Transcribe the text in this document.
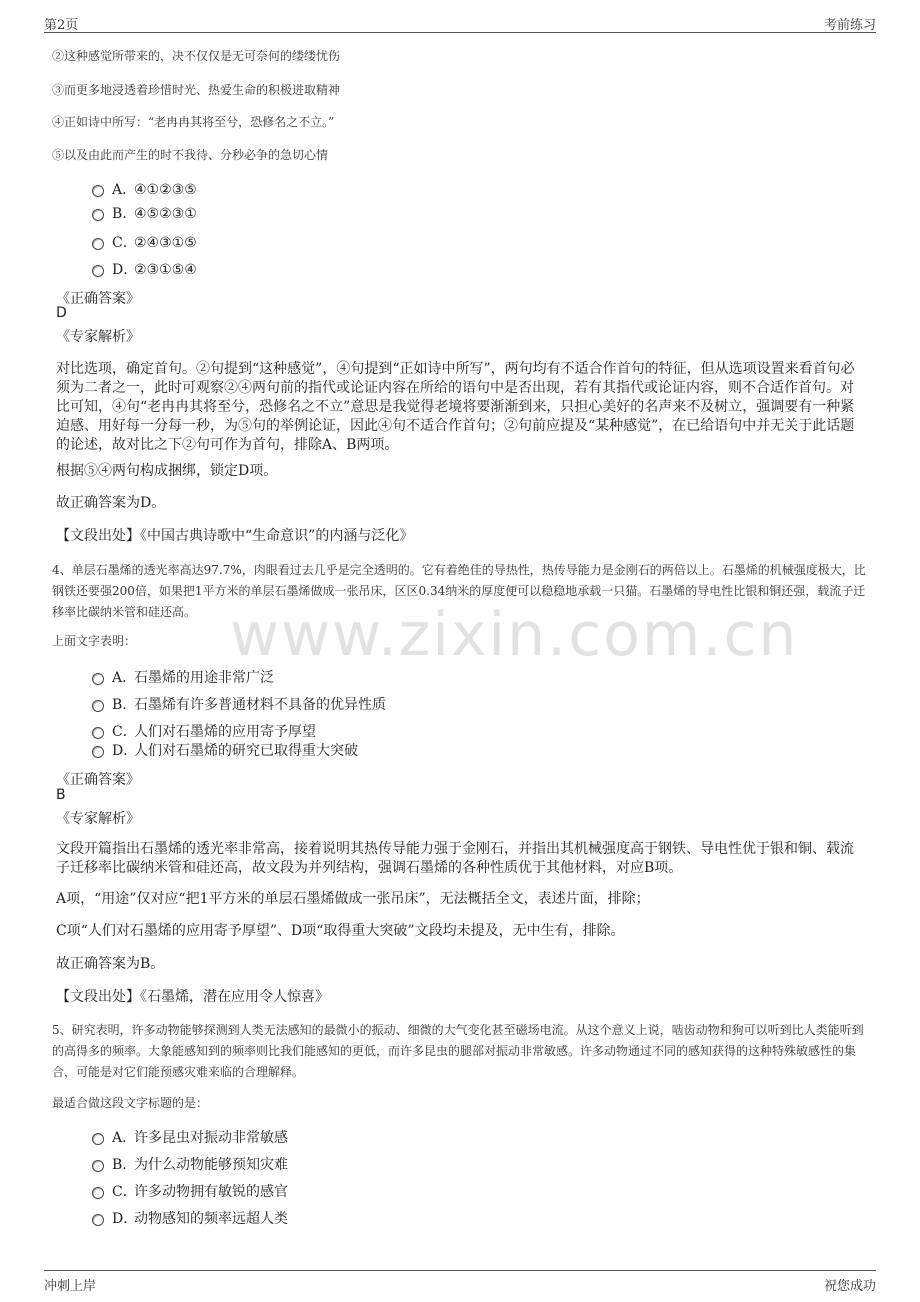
第2页	考前练习
www.zixin.com.cn
②这种感觉所带来的，决不仅仅是无可奈何的缕缕忧伤
③而更多地浸透着珍惜时光、热爱生命的积极进取精神
④正如诗中所写：“老冉冉其将至兮，恐修名之不立。”
⑤以及由此而产生的时不我待、分秒必争的急切心情
A．④①②③⑤
B. ④⑤②③①
C．②④③①⑤
D．②③①⑤④
《正确答案》
D
《专家解析》
对比选项，确定首句。②句提到“这种感觉”，④句提到“正如诗中所写”，两句均有不适合作首句的特征，但从选项设置来看首句必须为二者之一，此时可观察②④两句前的指代或论证内容在所给的语句中是否出现，若有其指代或论证内容，则不合适作首句。对比可知，④句“老冉冉其将至兮，恐修名之不立”意思是我觉得老境将要渐渐到来，只担心美好的名声来不及树立，强调要有一种紧迫感、用好每一分每一秒，为⑤句的举例论证，因此④句不适合作首句；②句前应提及“某种感觉”，在已给语句中并无关于此话题的论述，故对比之下②句可作为首句，排除A、B两项。
根据⑤④两句构成捆绑，锁定D项。
故正确答案为D。
【文段出处】《中国古典诗歌中“生命意识”的内涵与泛化》
4、单层石墨烯的透光率高达97.7%，肉眼看过去几乎是完全透明的。它有着绝佳的导热性，热传导能力是金刚石的两倍以上。石墨烯的机械强度极大，比钢铁还要强200倍，如果把1平方米的单层石墨烯做成一张吊床，区区0.34纳米的厚度便可以稳稳地承载一只猫。石墨烯的导电性比银和铜还强，载流子迁移率比碳纳米管和硅还高。
上面文字表明：
A．石墨烯的用途非常广泛
B. 石墨烯有许多普通材料不具备的优异性质
C．人们对石墨烯的应用寄予厚望
D．人们对石墨烯的研究已取得重大突破
《正确答案》
B
《专家解析》
文段开篇指出石墨烯的透光率非常高，接着说明其热传导能力强于金刚石，并指出其机械强度高于钢铁、导电性优于银和铜、载流子迁移率比碳纳米管和硅还高，故文段为并列结构，强调石墨烯的各种性质优于其他材料，对应B项。
A项，“用途”仅对应“把1平方米的单层石墨烯做成一张吊床”，无法概括全文，表述片面，排除；
C项“人们对石墨烯的应用寄予厚望”、D项“取得重大突破”文段均未提及，无中生有，排除。
故正确答案为B。
【文段出处】《石墨烯，潜在应用令人惊喜》
5、研究表明，许多动物能够探测到人类无法感知的最微小的振动、细微的大气变化甚至磁场电流。从这个意义上说，啮齿动物和狗可以听到比人类能听到的高得多的频率。大象能感知到的频率则比我们能感知的更低，而许多昆虫的腿部对振动非常敏感。许多动物通过不同的感知获得的这种特殊敏感性的集合，可能是对它们能预感灾难来临的合理解释。
最适合做这段文字标题的是：
A．许多昆虫对振动非常敏感
B. 为什么动物能够预知灾难
C．许多动物拥有敏锐的感官
D．动物感知的频率远超人类
冲刺上岸	祝您成功
